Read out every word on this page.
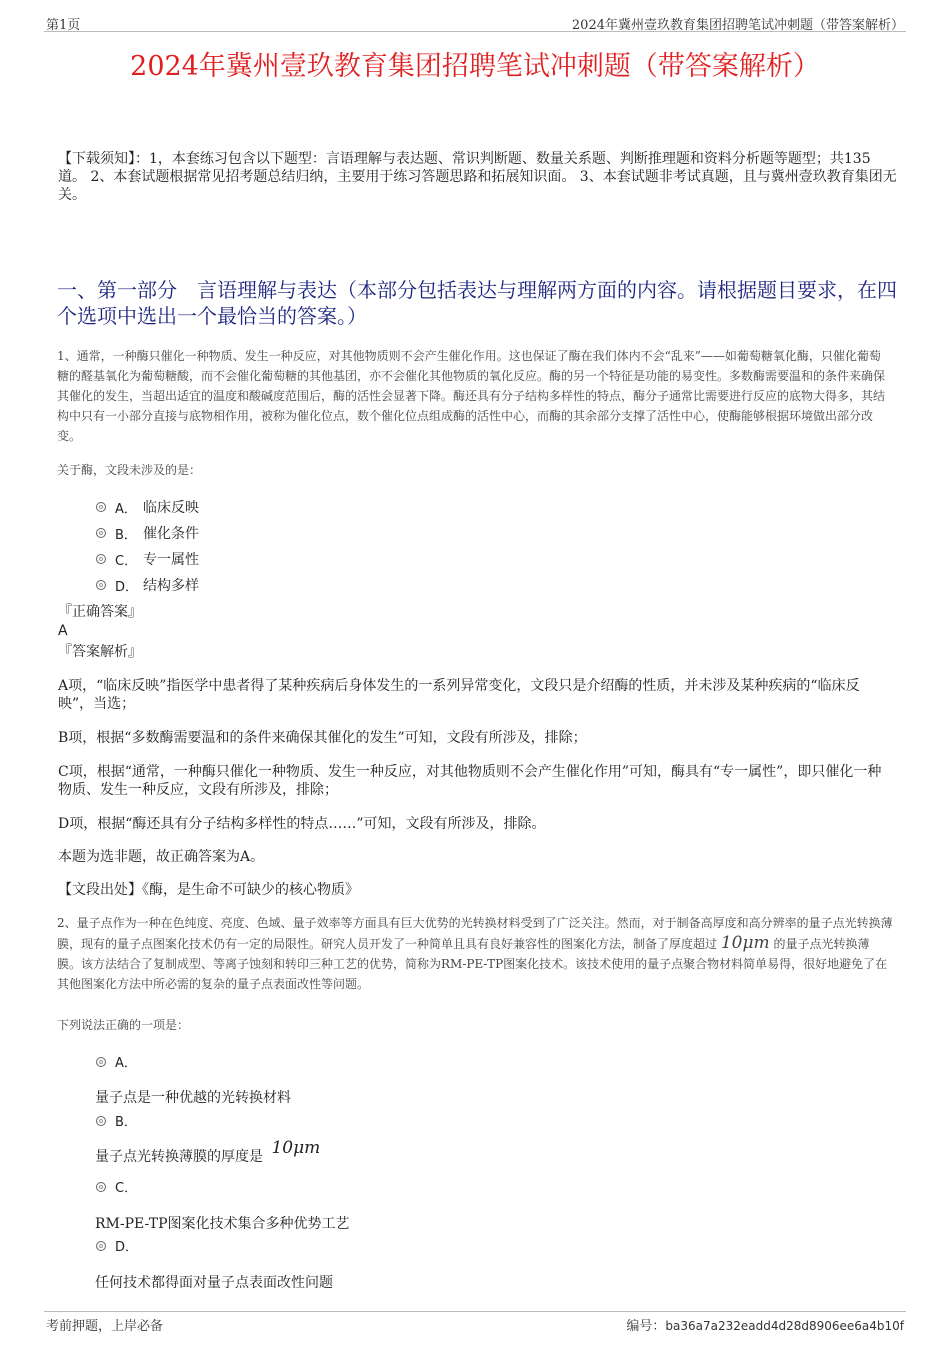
第1页	2024年冀州壹玖教育集团招聘笔试冲刺题（带答案解析）
2024年冀州壹玖教育集团招聘笔试冲刺题（带答案解析）
【下载须知】：1，本套练习包含以下题型：言语理解与表达题、常识判断题、数量关系题、判断推理题和资料分析题等题型；共135道。 2、本套试题根据常见招考题总结归纳，主要用于练习答题思路和拓展知识面。 3、本套试题非考试真题，且与冀州壹玖教育集团无关。
一、第一部分　言语理解与表达（本部分包括表达与理解两方面的内容。请根据题目要求，在四个选项中选出一个最恰当的答案。）
1、通常，一种酶只催化一种物质、发生一种反应，对其他物质则不会产生催化作用。这也保证了酶在我们体内不会“乱来”——如葡萄糖氧化酶，只催化葡萄糖的醛基氧化为葡萄糖酸，而不会催化葡萄糖的其他基团，亦不会催化其他物质的氧化反应。酶的另一个特征是功能的易变性。多数酶需要温和的条件来确保其催化的发生，当超出适宜的温度和酸碱度范围后，酶的活性会显著下降。酶还具有分子结构多样性的特点，酶分子通常比需要进行反应的底物大得多，其结构中只有一小部分直接与底物相作用，被称为催化位点，数个催化位点组成酶的活性中心，而酶的其余部分支撑了活性中心，使酶能够根据环境做出部分改变。
关于酶，文段未涉及的是：
A． 临床反映
B． 催化条件
C． 专一属性
D． 结构多样
『正确答案』
A
『答案解析』
A项，“临床反映”指医学中患者得了某种疾病后身体发生的一系列异常变化，文段只是介绍酶的性质，并未涉及某种疾病的“临床反映”，当选；
B项，根据“多数酶需要温和的条件来确保其催化的发生”可知，文段有所涉及，排除；
C项，根据“通常，一种酶只催化一种物质、发生一种反应，对其他物质则不会产生催化作用”可知，酶具有“专一属性”，即只催化一种物质、发生一种反应，文段有所涉及，排除；
D项，根据“酶还具有分子结构多样性的特点……”可知，文段有所涉及，排除。
本题为选非题，故正确答案为A。
【文段出处】《酶，是生命不可缺少的核心物质》
2、量子点作为一种在色纯度、亮度、色域、量子效率等方面具有巨大优势的光转换材料受到了广泛关注。然而，对于制备高厚度和高分辨率的量子点光转换薄膜，现有的量子点图案化技术仍有一定的局限性。研究人员开发了一种简单且具有良好兼容性的图案化方法，制备了厚度超过 10μm 的量子点光转换薄膜。该方法结合了复制成型、等离子蚀刻和转印三种工艺的优势，简称为RM-PE-TP图案化技术。该技术使用的量子点聚合物材料简单易得，很好地避免了在其他图案化方法中所必需的复杂的量子点表面改性等问题。
下列说法正确的一项是：
A．
量子点是一种优越的光转换材料
B．
量子点光转换薄膜的厚度是 10μm
C．
RM-PE-TP图案化技术集合多种优势工艺
D．
任何技术都得面对量子点表面改性问题
考前押题，上岸必备	编号：ba36a7a232eadd4d28d8906ee6a4b10f
